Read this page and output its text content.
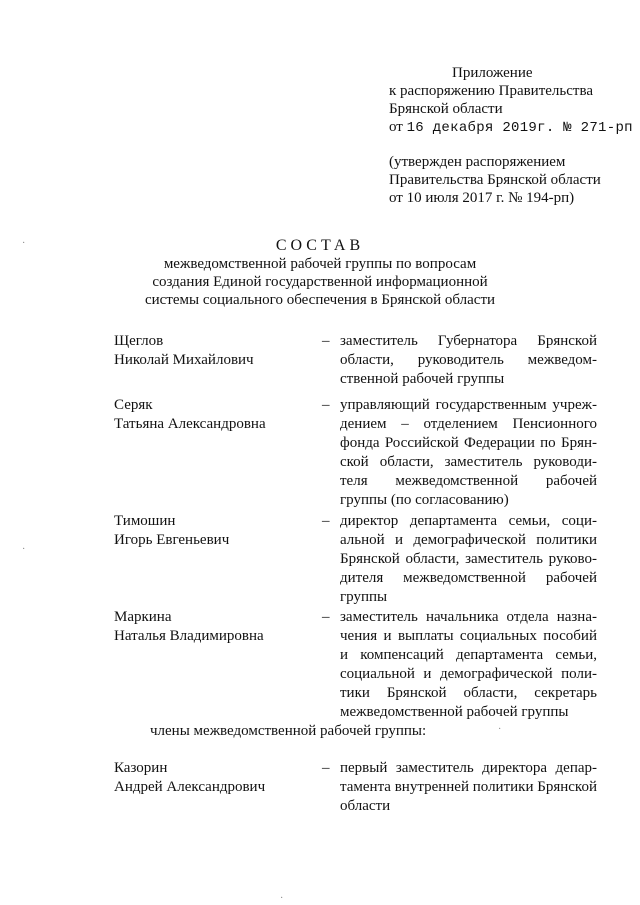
Приложение
к распоряжению Правительства
Брянской области
от 16 декабря 2019г. № 271-рп
(утвержден распоряжением
Правительства Брянской области
от 10 июля 2017 г. № 194-рп)
СОСТАВ
межведомственной рабочей группы по вопросам
создания Единой государственной информационной
системы социального обеспечения в Брянской области
Щеглов
Николай Михайлович
– заместитель Губернатора Брянской области, руководитель межведомственной рабочей группы
Серяк
Татьяна Александровна
– управляющий государственным учреждением – отделением Пенсионного фонда Российской Федерации по Брянской области, заместитель руководителя межведомственной рабочей группы (по согласованию)
Тимошин
Игорь Евгеньевич
– директор департамента семьи, социальной и демографической политики Брянской области, заместитель руководителя межведомственной рабочей группы
Маркина
Наталья Владимировна
– заместитель начальника отдела назначения и выплаты социальных пособий и компенсаций департамента семьи, социальной и демографической политики Брянской области, секретарь межведомственной рабочей группы
члены межведомственной рабочей группы:
Казорин
Андрей Александрович
– первый заместитель директора департамента внутренней политики Брянской области
·
·
·
·
